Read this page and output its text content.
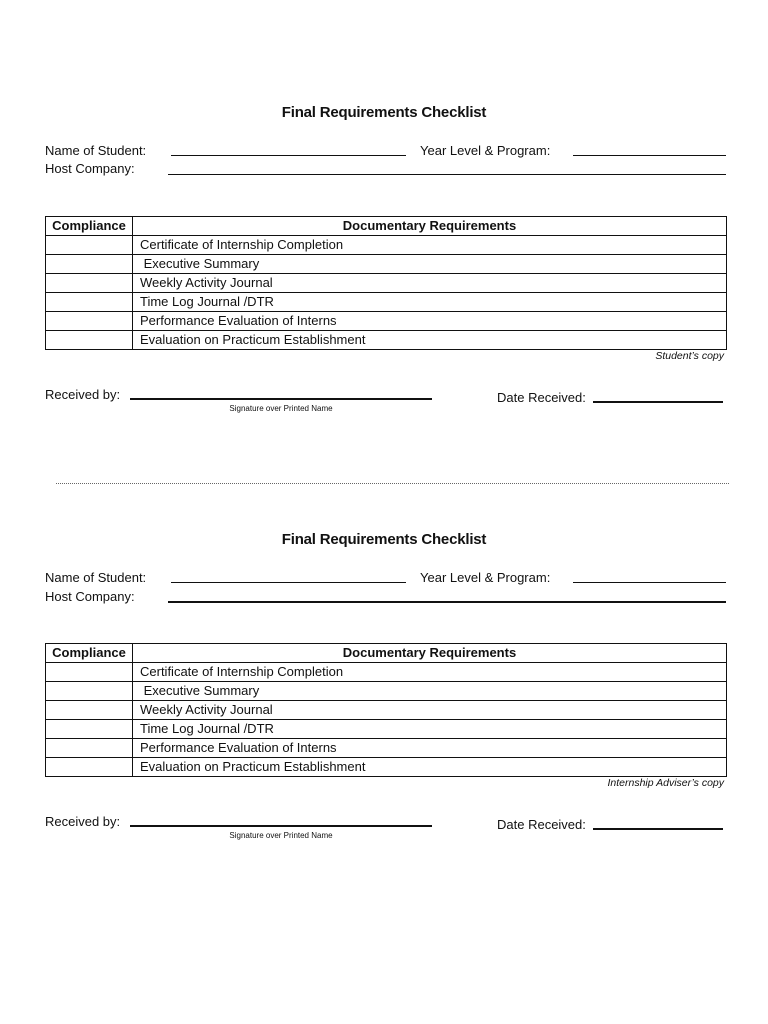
Final Requirements Checklist
Name of Student:	Year Level & Program:
Host Company:
Compliance	Documentary Requirements
	Certificate of Internship Completion
	Executive Summary
	Weekly Activity Journal
	Time Log Journal /DTR
	Performance Evaluation of Interns
	Evaluation on Practicum Establishment
Student’s copy
Received by:
Signature over Printed Name
Date Received:
Final Requirements Checklist
Name of Student:	Year Level & Program:
Host Company:
Compliance	Documentary Requirements
	Certificate of Internship Completion
	Executive Summary
	Weekly Activity Journal
	Time Log Journal /DTR
	Performance Evaluation of Interns
	Evaluation on Practicum Establishment
Internship Adviser’s copy
Received by:
Signature over Printed Name
Date Received:
